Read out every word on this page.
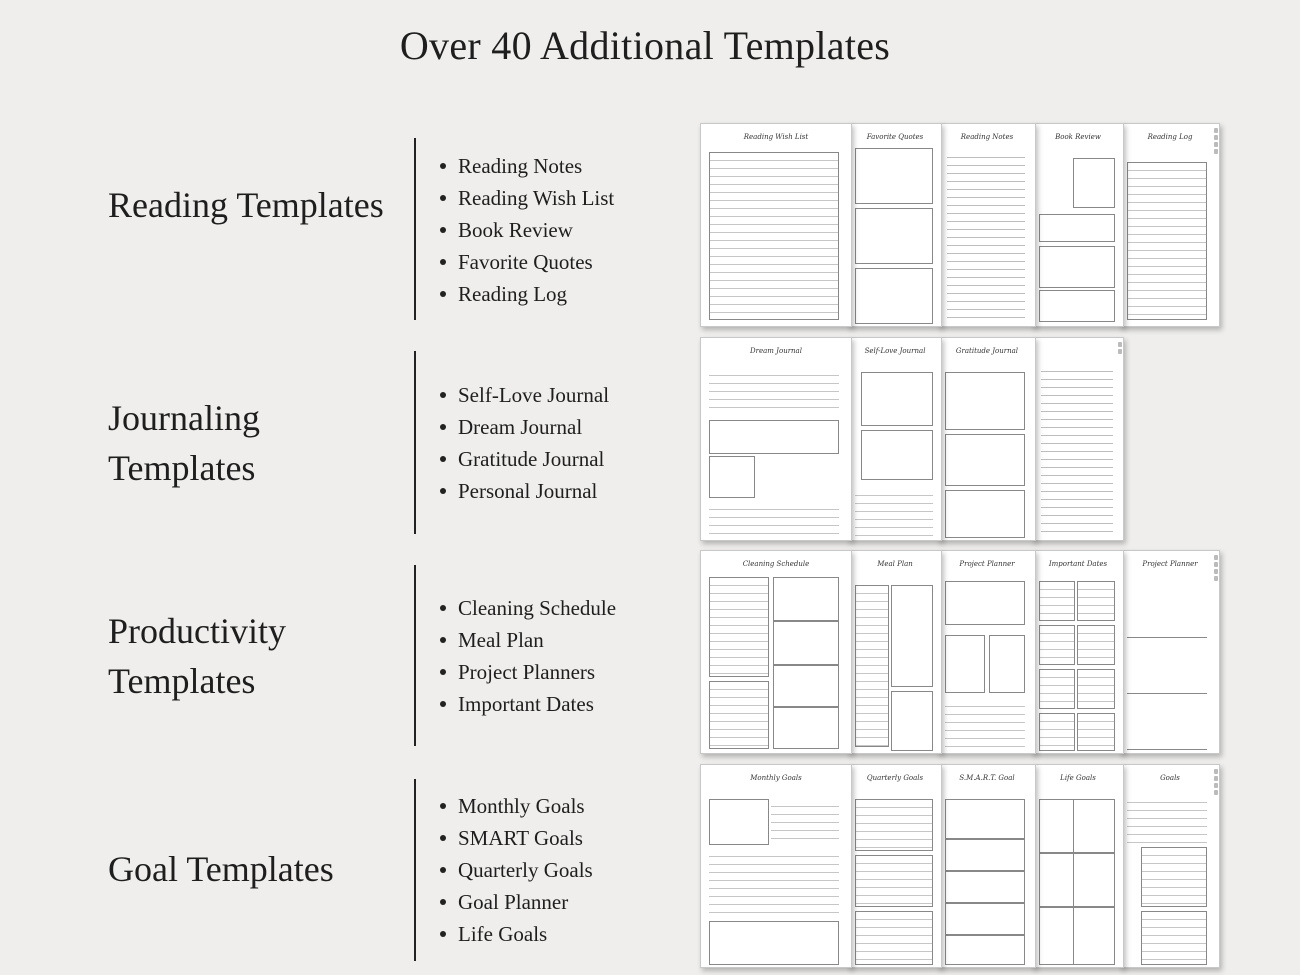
Over 40 Additional Templates
Reading Templates
Reading Notes
Reading Wish List
Book Review
Favorite Quotes
Reading Log
Reading Wish List	Favorite Quotes	Reading Notes	Book Review	Reading Log
Journaling
Templates
Self-Love Journal
Dream Journal
Gratitude Journal
Personal Journal
Dream Journal	Self-Love Journal	Gratitude Journal
Productivity
Templates
Cleaning Schedule
Meal Plan
Project Planners
Important Dates
Cleaning Schedule	Meal Plan	Project Planner	Important Dates	Project Planner
Goal Templates
Monthly Goals
SMART Goals
Quarterly Goals
Goal Planner
Life Goals
Monthly Goals	Quarterly Goals	S.M.A.R.T. Goal	Life Goals	Goals
